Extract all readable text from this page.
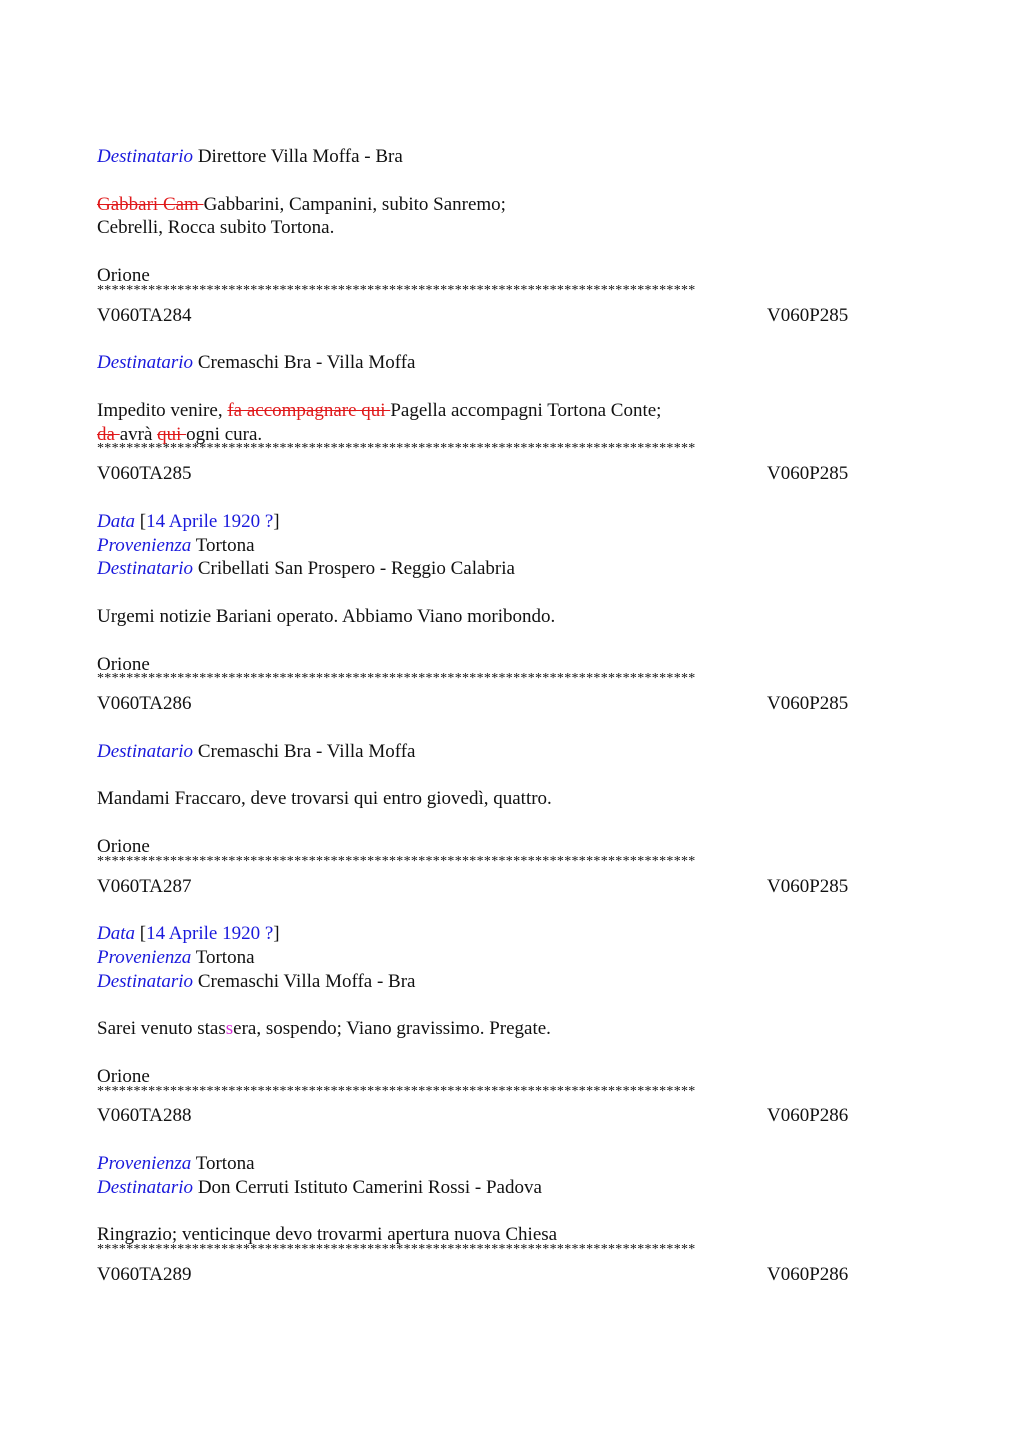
Destinatario Direttore Villa Moffa - Bra
Gabbari Cam Gabbarini, Campanini, subito Sanremo;
Cebrelli, Rocca subito Tortona.
Orione
**********************************************************************************
V060TA284	V060P285
Destinatario Cremaschi Bra - Villa Moffa
Impedito venire, fa accompagnare qui Pagella accompagni Tortona Conte;
da avrà qui ogni cura.
**********************************************************************************
V060TA285	V060P285
Data [14 Aprile 1920 ?]
Provenienza Tortona
Destinatario Cribellati San Prospero - Reggio Calabria
Urgemi notizie Bariani operato. Abbiamo Viano moribondo.
Orione
**********************************************************************************
V060TA286	V060P285
Destinatario Cremaschi Bra - Villa Moffa
Mandami Fraccaro, deve trovarsi qui entro giovedì, quattro.
Orione
**********************************************************************************
V060TA287	V060P285
Data [14 Aprile 1920 ?]
Provenienza Tortona
Destinatario Cremaschi Villa Moffa - Bra
Sarei venuto stassera, sospendo; Viano gravissimo. Pregate.
Orione
**********************************************************************************
V060TA288	V060P286
Provenienza Tortona
Destinatario Don Cerruti Istituto Camerini Rossi - Padova
Ringrazio; venticinque devo trovarmi apertura nuova Chiesa
**********************************************************************************
V060TA289	V060P286
